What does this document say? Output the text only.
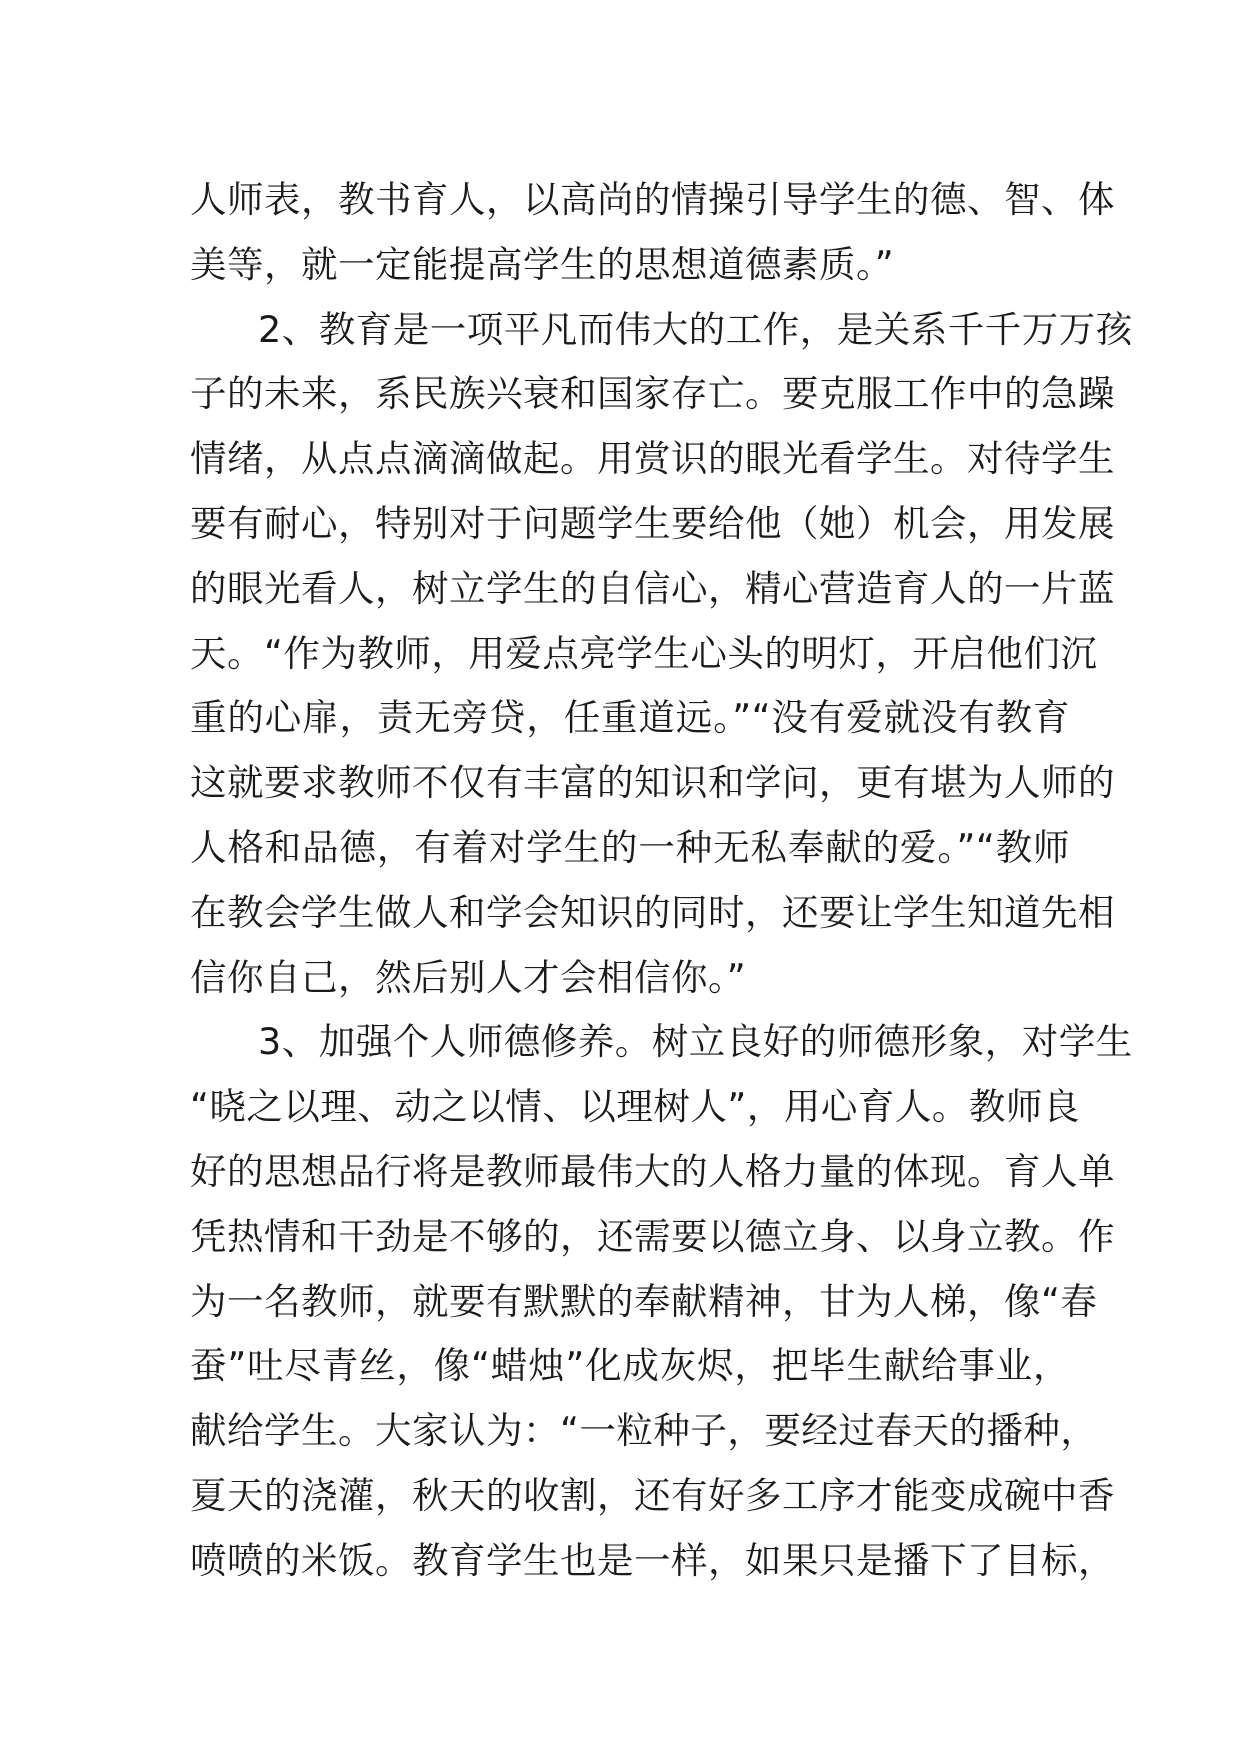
人师表，教书育人，以高尚的情操引导学生的德、智、体
美等，就一定能提高学生的思想道德素质。”
2、教育是一项平凡而伟大的工作，是关系千千万万孩
子的未来，系民族兴衰和国家存亡。要克服工作中的急躁
情绪，从点点滴滴做起。用赏识的眼光看学生。对待学生
要有耐心，特别对于问题学生要给他（她）机会，用发展
的眼光看人，树立学生的自信心，精心营造育人的一片蓝
天。“作为教师，用爱点亮学生心头的明灯，开启他们沉
重的心扉，责无旁贷，任重道远。”“没有爱就没有教育
这就要求教师不仅有丰富的知识和学问，更有堪为人师的
人格和品德，有着对学生的一种无私奉献的爱。”“教师
在教会学生做人和学会知识的同时，还要让学生知道先相
信你自己，然后别人才会相信你。”
3、加强个人师德修养。树立良好的师德形象，对学生
“晓之以理、动之以情、以理树人”，用心育人。教师良
好的思想品行将是教师最伟大的人格力量的体现。育人单
凭热情和干劲是不够的，还需要以德立身、以身立教。作
为一名教师，就要有默默的奉献精神，甘为人梯，像“春
蚕”吐尽青丝，像“蜡烛”化成灰烬，把毕生献给事业，
献给学生。大家认为：“一粒种子，要经过春天的播种，
夏天的浇灌，秋天的收割，还有好多工序才能变成碗中香
喷喷的米饭。教育学生也是一样，如果只是播下了目标，
